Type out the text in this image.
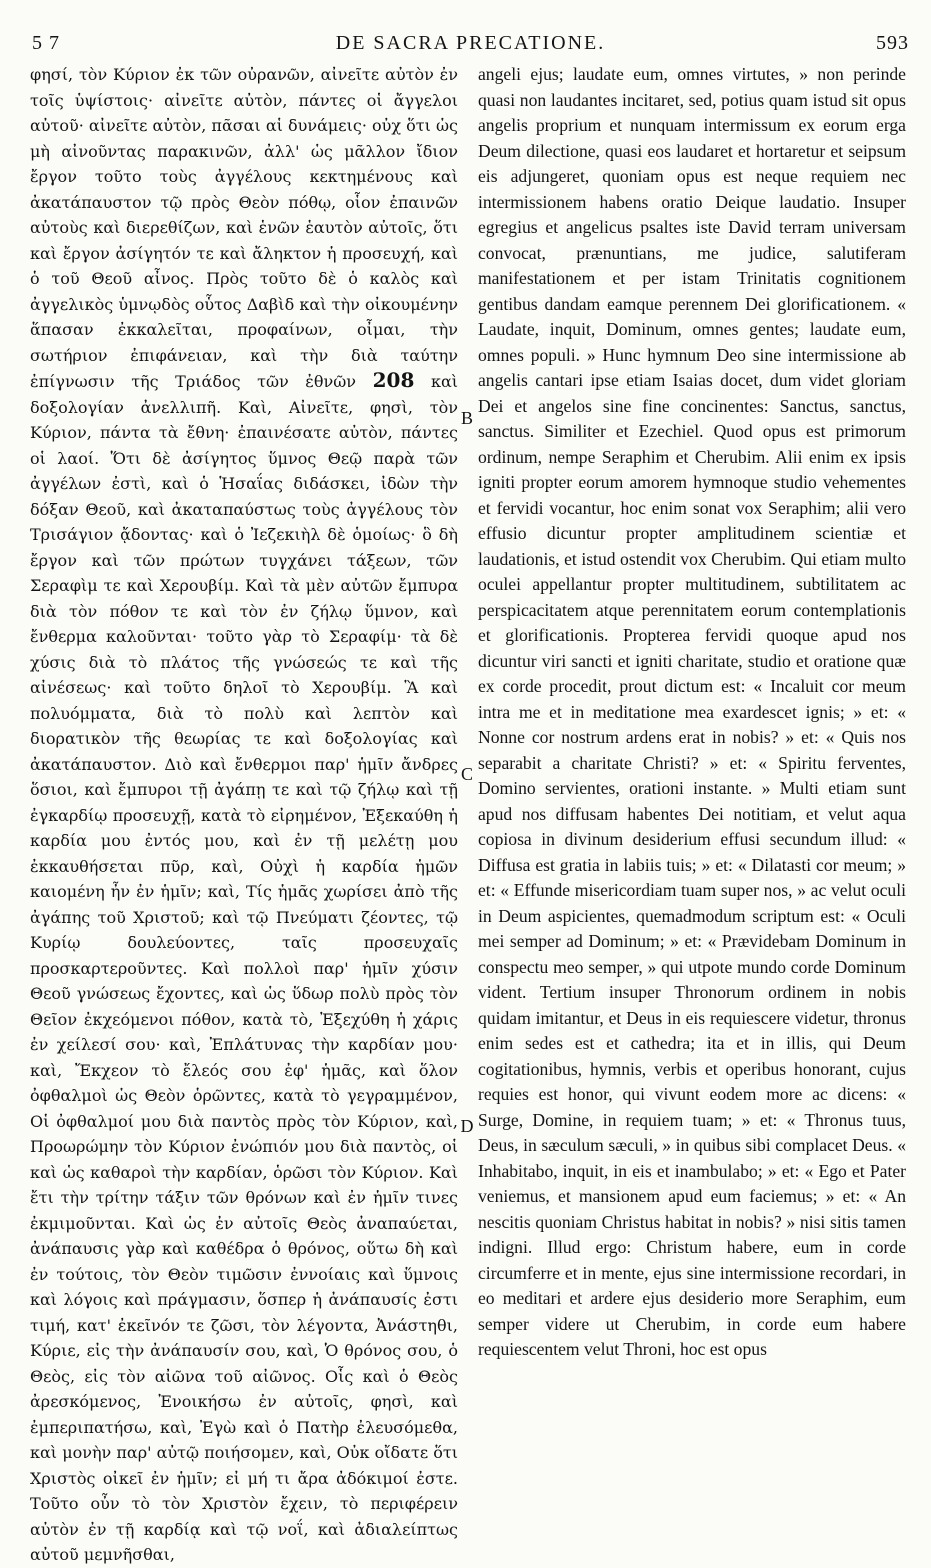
5 7	DE SACRA PRECATIONE.	593

φησί, τὸν Κύριον ἐκ τῶν οὐρανῶν, αἰνεῖτε αὐτὸν ἐν τοῖς ὑψίστοις· αἰνεῖτε αὐτὸν, πάντες οἱ ἄγγελοι αὐτοῦ· αἰνεῖτε αὐτὸν, πᾶσαι αἱ δυνάμεις· οὐχ ὅτι ὡς μὴ αἰνοῦντας παρακινῶν, ἀλλ' ὡς μᾶλλον ἴδιον ἔργον τοῦτο τοὺς ἀγγέλους κεκτημένους καὶ ἀκατάπαυστον τῷ πρὸς Θεὸν πόθῳ, οἷον ἐπαινῶν αὐτοὺς καὶ διερεθίζων, καὶ ἑνῶν ἑαυτὸν αὐτοῖς, ὅτι καὶ ἔργον ἀσίγητόν τε καὶ ἄληκτον ἡ προσευχή, καὶ ὁ τοῦ Θεοῦ αἶνος. Πρὸς τοῦτο δὲ ὁ καλὸς καὶ ἀγγελικὸς ὑμνῳδὸς οὗτος Δαβὶδ καὶ τὴν οἰκουμένην ἅπασαν ἐκκαλεῖται, προφαίνων, οἶμαι, τὴν σωτήριον ἐπιφάνειαν, καὶ τὴν διὰ ταύτην ἐπίγνωσιν τῆς Τριάδος τῶν ἐθνῶν 208 καὶ δοξολογίαν ἀνελλιπῆ. Καὶ, Αἰνεῖτε, φησὶ, τὸν Κύριον, πάντα τὰ ἔθνη· ἐπαινέσατε αὐτὸν, πάντες οἱ λαοί. Ὅτι δὲ ἀσίγητος ὕμνος Θεῷ παρὰ τῶν ἀγγέλων ἐστὶ, καὶ ὁ Ἡσαΐας διδάσκει, ἰδὼν τὴν δόξαν Θεοῦ, καὶ ἀκαταπαύστως τοὺς ἀγγέλους τὸν Τρισάγιον ᾄδοντας· καὶ ὁ Ἰεζεκιὴλ δὲ ὁμοίως· ὃ δὴ ἔργον καὶ τῶν πρώτων τυγχάνει τάξεων, τῶν Σεραφὶμ τε καὶ Χερουβίμ. Καὶ τὰ μὲν αὐτῶν ἔμπυρα διὰ τὸν πόθον τε καὶ τὸν ἐν ζήλῳ ὕμνον, καὶ ἔνθερμα καλοῦνται· τοῦτο γὰρ τὸ Σεραφίμ· τὰ δὲ χύσις διὰ τὸ πλάτος τῆς γνώσεώς τε καὶ τῆς αἰνέσεως· καὶ τοῦτο δηλοῖ τὸ Χερουβίμ. Ἃ καὶ πολυόμματα, διὰ τὸ πολὺ καὶ λεπτὸν καὶ διορατικὸν τῆς θεωρίας τε καὶ δοξολογίας καὶ ἀκατάπαυστον. Διὸ καὶ ἔνθερμοι παρ' ἡμῖν ἄνδρες ὅσιοι, καὶ ἔμπυροι τῇ ἀγάπῃ τε καὶ τῷ ζήλῳ καὶ τῇ ἐγκαρδίῳ προσευχῇ, κατὰ τὸ εἰρημένον, Ἐξεκαύθη ἡ καρδία μου ἐντός μου, καὶ ἐν τῇ μελέτῃ μου ἐκκαυθήσεται πῦρ, καὶ, Οὐχὶ ἡ καρδία ἡμῶν καιομένη ἦν ἐν ἡμῖν; καὶ, Τίς ἡμᾶς χωρίσει ἀπὸ τῆς ἀγάπης τοῦ Χριστοῦ; καὶ τῷ Πνεύματι ζέοντες, τῷ Κυρίῳ δουλεύοντες, ταῖς προσευχαῖς προσκαρτεροῦντες. Καὶ πολλοὶ παρ' ἡμῖν χύσιν Θεοῦ γνώσεως ἔχοντες, καὶ ὡς ὕδωρ πολὺ πρὸς τὸν Θεῖον ἐκχεόμενοι πόθον, κατὰ τὸ, Ἐξεχύθη ἡ χάρις ἐν χείλεσί σου· καὶ, Ἐπλάτυνας τὴν καρδίαν μου· καὶ, Ἔκχεον τὸ ἔλεός σου ἐφ' ἡμᾶς, καὶ ὅλον ὀφθαλμοὶ ὡς Θεὸν ὁρῶντες, κατὰ τὸ γεγραμμένον, Οἱ ὀφθαλμοί μου διὰ παντὸς πρὸς τὸν Κύριον, καὶ, Προωρώμην τὸν Κύριον ἐνώπιόν μου διὰ παντὸς, οἱ καὶ ὡς καθαροὶ τὴν καρδίαν, ὁρῶσι τὸν Κύριον. Καὶ ἔτι τὴν τρίτην τάξιν τῶν θρόνων καὶ ἐν ἡμῖν τινες ἐκμιμοῦνται. Καὶ ὡς ἐν αὐτοῖς Θεὸς ἀναπαύεται, ἀνάπαυσις γὰρ καὶ καθέδρα ὁ θρόνος, οὕτω δὴ καὶ ἐν τούτοις, τὸν Θεὸν τιμῶσιν ἐννοίαις καὶ ὕμνοις καὶ λόγοις καὶ πράγμασιν, ὅσπερ ἡ ἀνάπαυσίς ἐστι τιμή, κατ' ἐκεῖνόν τε ζῶσι, τὸν λέγοντα, Ἀνάστηθι, Κύριε, εἰς τὴν ἀνάπαυσίν σου, καὶ, Ὁ θρόνος σου, ὁ Θεὸς, εἰς τὸν αἰῶνα τοῦ αἰῶνος. Οἷς καὶ ὁ Θεὸς ἀρεσκόμενος, Ἐνοικήσω ἐν αὐτοῖς, φησὶ, καὶ ἐμπεριπατήσω, καὶ, Ἐγὼ καὶ ὁ Πατὴρ ἐλευσόμεθα, καὶ μονὴν παρ' αὐτῷ ποιήσομεν, καὶ, Οὐκ οἴδατε ὅτι Χριστὸς οἰκεῖ ἐν ἡμῖν; εἰ μή τι ἄρα ἀδόκιμοί ἐστε. Τοῦτο οὖν τὸ τὸν Χριστὸν ἔχειν, τὸ περιφέρειν αὐτὸν ἐν τῇ καρδίᾳ καὶ τῷ νοΐ, καὶ ἀδιαλείπτως αὐτοῦ μεμνῆσθαι,

B
C
D

angeli ejus; laudate eum, omnes virtutes, » non perinde quasi non laudantes incitaret, sed, potius quam istud sit opus angelis proprium et nunquam intermissum ex eorum erga Deum dilectione, quasi eos laudaret et hortaretur et seipsum eis adjungeret, quoniam opus est neque requiem nec intermissionem habens oratio Deique laudatio. Insuper egregius et angelicus psaltes iste David terram universam convocat, prænuntians, me judice, salutiferam manifestationem et per istam Trinitatis cognitionem gentibus dandam eamque perennem Dei glorificationem. « Laudate, inquit, Dominum, omnes gentes; laudate eum, omnes populi. » Hunc hymnum Deo sine intermissione ab angelis cantari ipse etiam Isaias docet, dum videt gloriam Dei et angelos sine fine concinentes: Sanctus, sanctus, sanctus. Similiter et Ezechiel. Quod opus est primorum ordinum, nempe Seraphim et Cherubim. Alii enim ex ipsis igniti propter eorum amorem hymnoque studio vehementes et fervidi vocantur, hoc enim sonat vox Seraphim; alii vero effusio dicuntur propter amplitudinem scientiæ et laudationis, et istud ostendit vox Cherubim. Qui etiam multo oculei appellantur propter multitudinem, subtilitatem ac perspicacitatem atque perennitatem eorum contemplationis et glorificationis. Propterea fervidi quoque apud nos dicuntur viri sancti et igniti charitate, studio et oratione quæ ex corde procedit, prout dictum est: « Incaluit cor meum intra me et in meditatione mea exardescet ignis; » et: « Nonne cor nostrum ardens erat in nobis? » et: « Quis nos separabit a charitate Christi? » et: « Spiritu ferventes, Domino servientes, orationi instante. » Multi etiam sunt apud nos diffusam habentes Dei notitiam, et velut aqua copiosa in divinum desiderium effusi secundum illud: « Diffusa est gratia in labiis tuis; » et: « Dilatasti cor meum; » et: « Effunde misericordiam tuam super nos, » ac velut oculi in Deum aspicientes, quemadmodum scriptum est: « Oculi mei semper ad Dominum; » et: « Prævidebam Dominum in conspectu meo semper, » qui utpote mundo corde Dominum vident. Tertium insuper Thronorum ordinem in nobis quidam imitantur, et Deus in eis requiescere videtur, thronus enim sedes est et cathedra; ita et in illis, qui Deum cogitationibus, hymnis, verbis et operibus honorant, cujus requies est honor, qui vivunt eodem more ac dicens: « Surge, Domine, in requiem tuam; » et: « Thronus tuus, Deus, in sæculum sæculi, » in quibus sibi complacet Deus. « Inhabitabo, inquit, in eis et inambulabo; » et: « Ego et Pater veniemus, et mansionem apud eum faciemus; » et: « An nescitis quoniam Christus habitat in nobis? » nisi sitis tamen indigni. Illud ergo: Christum habere, eum in corde circumferre et in mente, ejus sine intermissione recordari, in eo meditari et ardere ejus desiderio more Seraphim, eum semper videre ut Cherubim, in corde eum habere requiescentem velut Throni, hoc est opus
